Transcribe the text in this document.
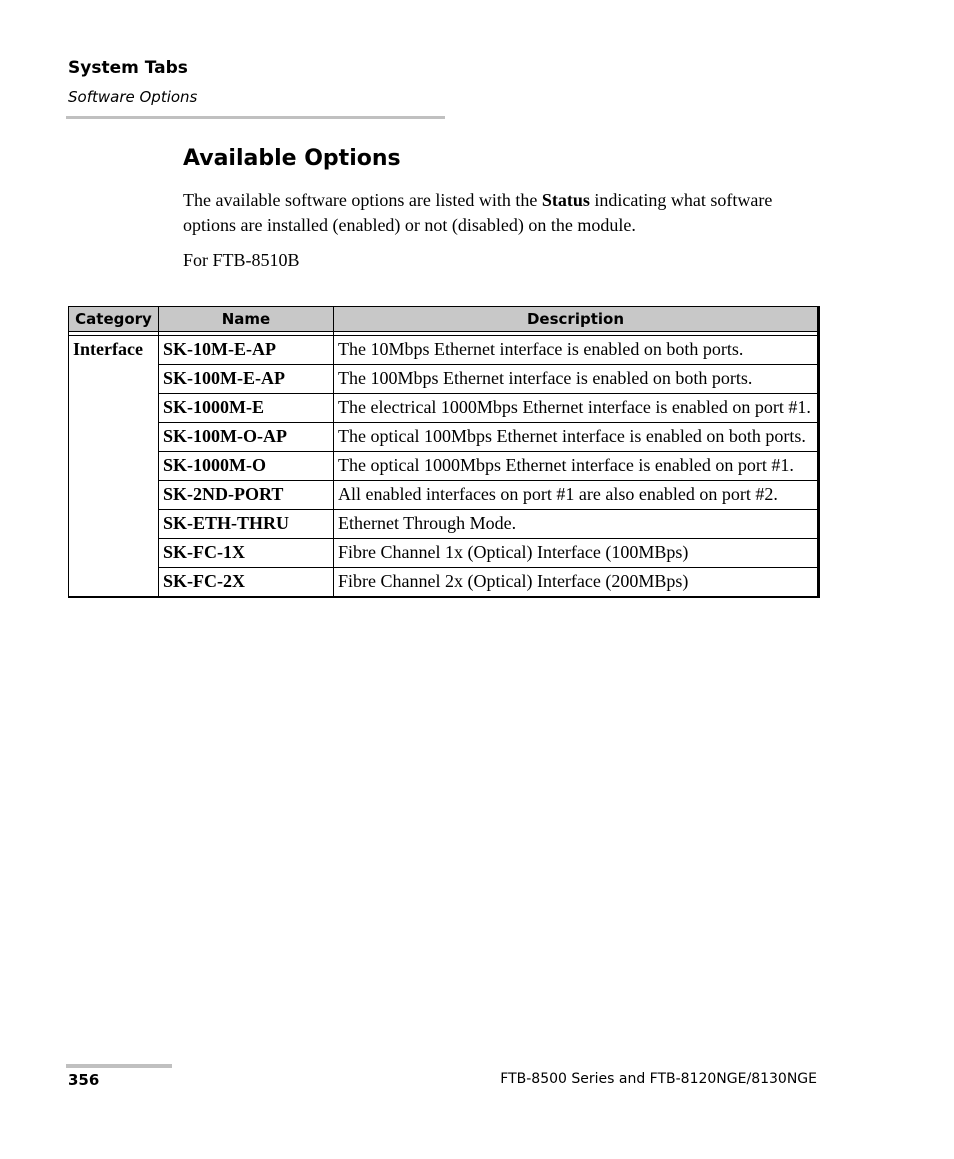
System Tabs
Software Options
Available Options
The available software options are listed with the Status indicating what software options are installed (enabled) or not (disabled) on the module.
For FTB-8510B
Category	Name	Description

Interface	SK-10M-E-AP	The 10Mbps Ethernet interface is enabled on both ports.
	SK-100M-E-AP	The 100Mbps Ethernet interface is enabled on both ports.
	SK-1000M-E	The electrical 1000Mbps Ethernet interface is enabled on port #1.
	SK-100M-O-AP	The optical 100Mbps Ethernet interface is enabled on both ports.
	SK-1000M-O	The optical 1000Mbps Ethernet interface is enabled on port #1.
	SK-2ND-PORT	All enabled interfaces on port #1 are also enabled on port #2.
	SK-ETH-THRU	Ethernet Through Mode.
	SK-FC-1X	Fibre Channel 1x (Optical) Interface (100MBps)
	SK-FC-2X	Fibre Channel 2x (Optical) Interface (200MBps)
356	FTB-8500 Series and FTB-8120NGE/8130NGE
